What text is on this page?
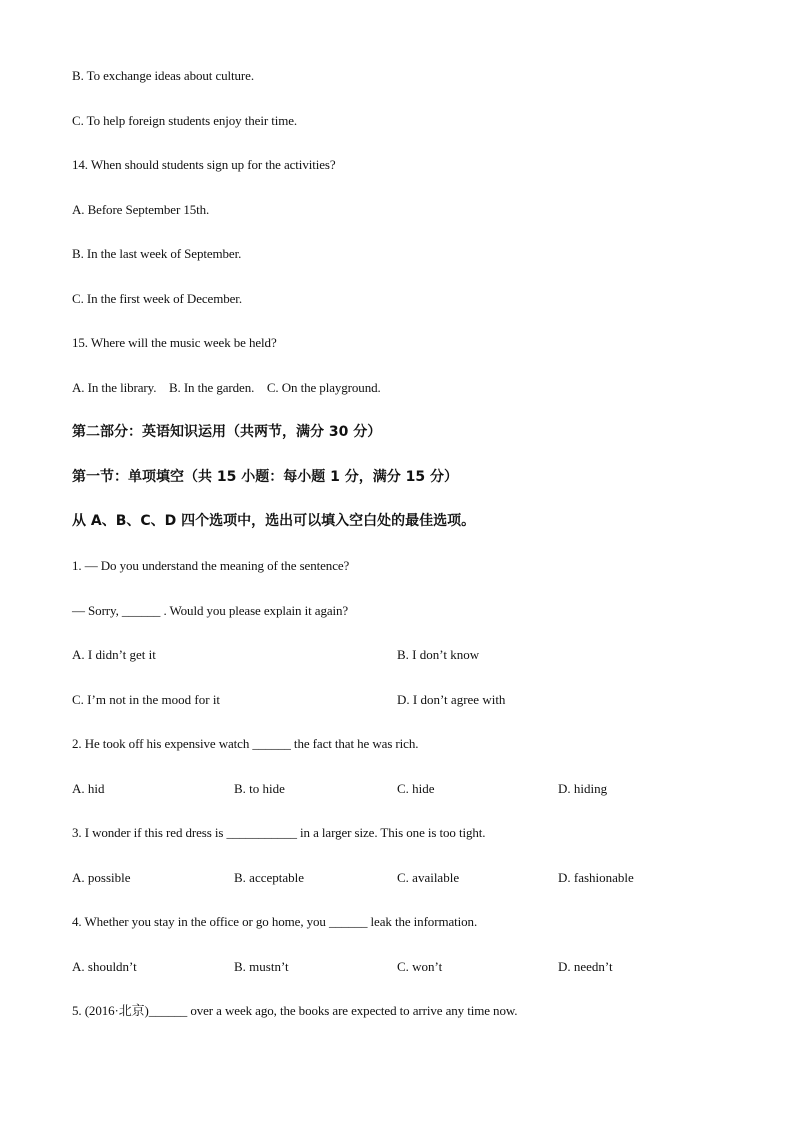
B. To exchange ideas about culture.
C. To help foreign students enjoy their time.
14. When should students sign up for the activities?
A. Before September 15th.
B. In the last week of September.
C. In the first week of December.
15. Where will the music week be held?
A. In the library.    B. In the garden.    C. On the playground.
第二部分：英语知识运用（共两节，满分 30 分）
第一节：单项填空（共 15 小题：每小题 1 分，满分 15 分）
从 A、B、C、D 四个选项中，选出可以填入空白处的最佳选项。
1. — Do you understand the meaning of the sentence?
— Sorry, ______ . Would you please explain it again?
A. I didn’t get it	B. I don’t know
C. I’m not in the mood for it	D. I don’t agree with
2. He took off his expensive watch ______ the fact that he was rich.
A. hid	B. to hide	C. hide	D. hiding
3. I wonder if this red dress is ___________ in a larger size. This one is too tight.
A. possible	B. acceptable	C. available	D. fashionable
4. Whether you stay in the office or go home, you ______ leak the information.
A. shouldn’t	B. mustn’t	C. won’t	D. needn’t
5. (2016·北京)______ over a week ago, the books are expected to arrive any time now.
